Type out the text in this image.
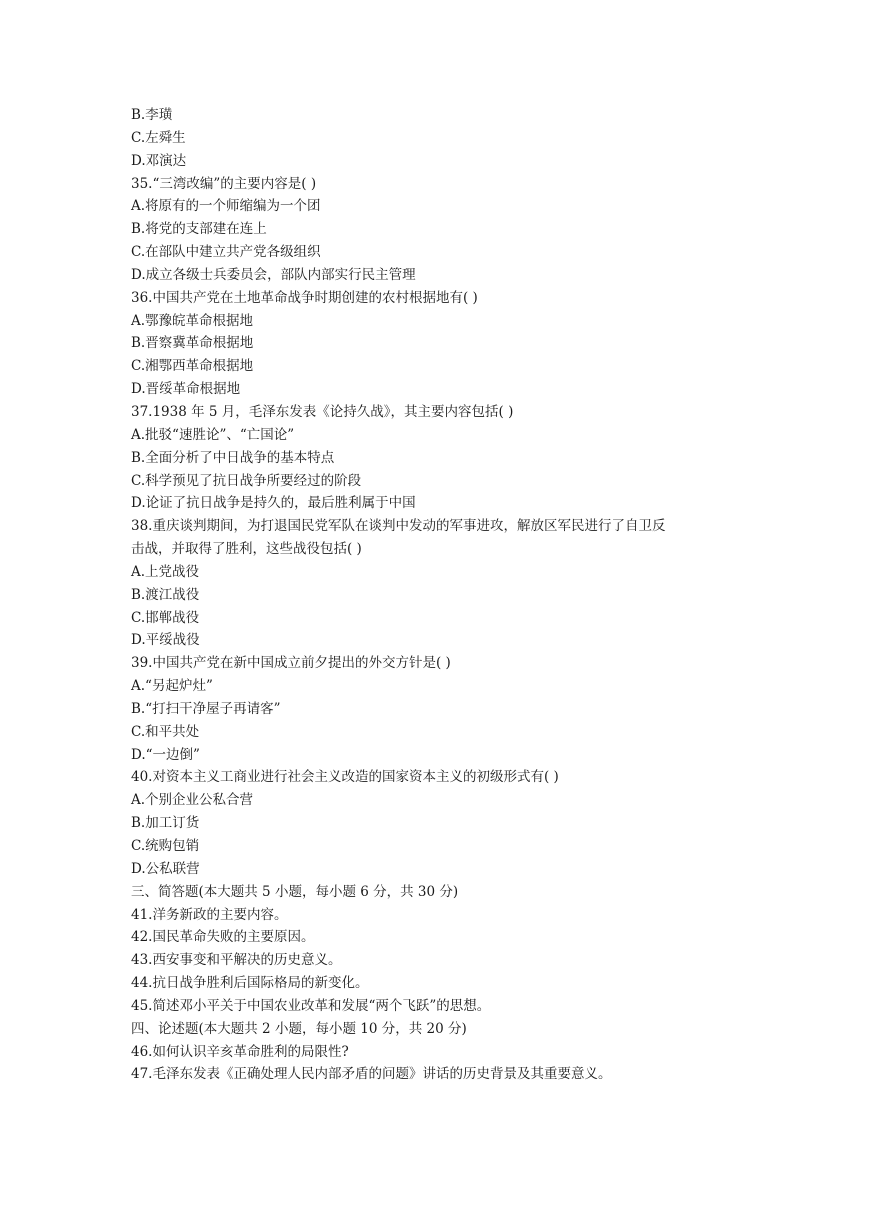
B.李璜
C.左舜生
D.邓演达
35.“三湾改编”的主要内容是( )
A.将原有的一个师缩编为一个团
B.将党的支部建在连上
C.在部队中建立共产党各级组织
D.成立各级士兵委员会，部队内部实行民主管理
36.中国共产党在土地革命战争时期创建的农村根据地有( )
A.鄂豫皖革命根据地
B.晋察冀革命根据地
C.湘鄂西革命根据地
D.晋绥革命根据地
37.1938 年 5 月，毛泽东发表《论持久战》，其主要内容包括( )
A.批驳“速胜论”、“亡国论”
B.全面分析了中日战争的基本特点
C.科学预见了抗日战争所要经过的阶段
D.论证了抗日战争是持久的，最后胜利属于中国
38.重庆谈判期间，为打退国民党军队在谈判中发动的军事进攻，解放区军民进行了自卫反
击战，并取得了胜利，这些战役包括( )
A.上党战役
B.渡江战役
C.邯郸战役
D.平绥战役
39.中国共产党在新中国成立前夕提出的外交方针是( )
A.“另起炉灶”
B.“打扫干净屋子再请客”
C.和平共处
D.“一边倒”
40.对资本主义工商业进行社会主义改造的国家资本主义的初级形式有( )
A.个别企业公私合营
B.加工订货
C.统购包销
D.公私联营
三、简答题(本大题共 5 小题，每小题 6 分，共 30 分)
41.洋务新政的主要内容。
42.国民革命失败的主要原因。
43.西安事变和平解决的历史意义。
44.抗日战争胜利后国际格局的新变化。
45.简述邓小平关于中国农业改革和发展“两个飞跃”的思想。
四、论述题(本大题共 2 小题，每小题 10 分，共 20 分)
46.如何认识辛亥革命胜利的局限性?
47.毛泽东发表《正确处理人民内部矛盾的问题》讲话的历史背景及其重要意义。
